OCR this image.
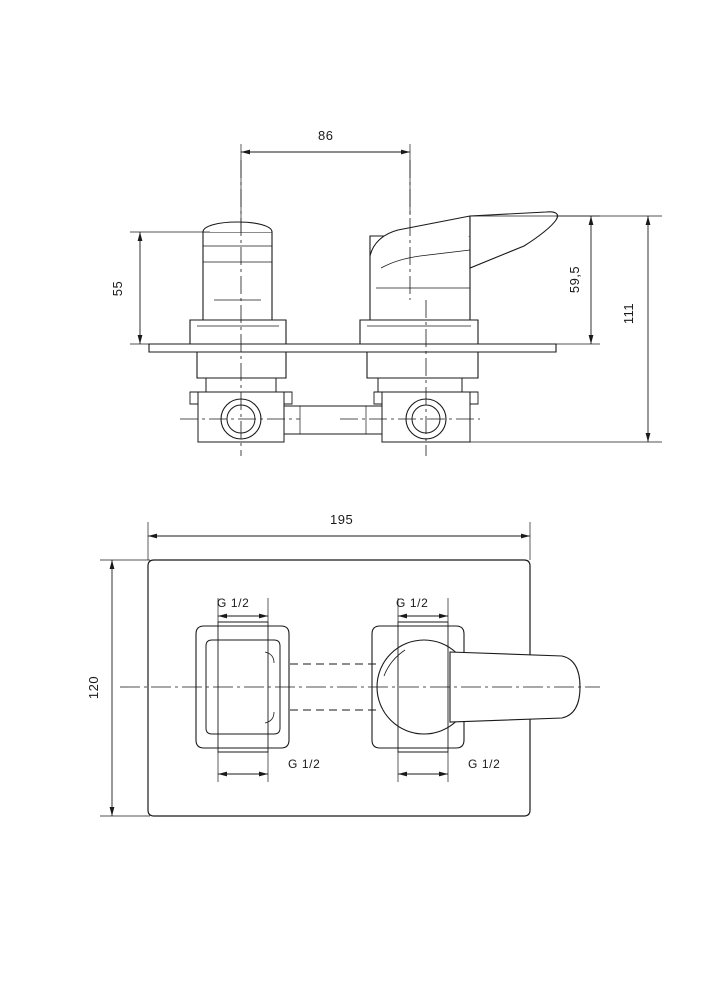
86
55	59,5
111
195
120
G 1/2	G 1/2
G 1/2	G 1/2
